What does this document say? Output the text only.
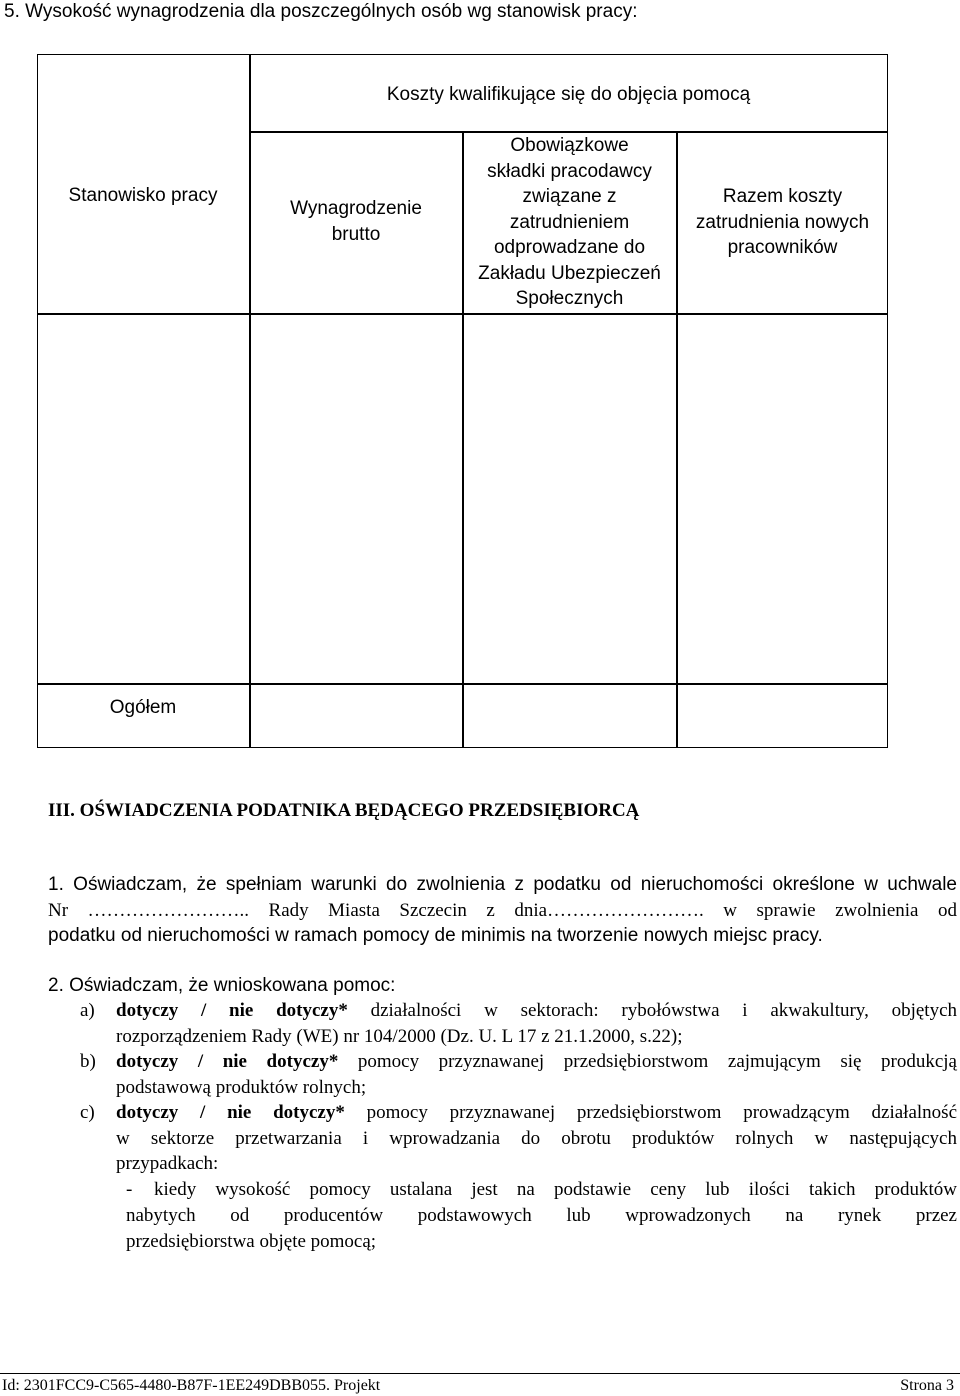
5. Wysokość wynagrodzenia dla poszczególnych osób wg stanowisk pracy:
Stanowisko pracy
Koszty kwalifikujące się do objęcia pomocą
Wynagrodzenie
brutto
Obowiązkowe
składki pracodawcy
związane z
zatrudnieniem
odprowadzane do
Zakładu Ubezpieczeń
Społecznych
Razem koszty
zatrudnienia nowych
pracowników
Ogółem
III. OŚWIADCZENIA PODATNIKA BĘDĄCEGO PRZEDSIĘBIORCĄ
1. Oświadczam, że spełniam warunki do zwolnienia z podatku od nieruchomości określone w uchwale
Nr …………………….. Rady Miasta Szczecin z dnia……………………. w sprawie zwolnienia od
podatku od nieruchomości w ramach pomocy de minimis na tworzenie nowych miejsc pracy.
2. Oświadczam, że wnioskowana pomoc:
a) dotyczy / nie dotyczy* działalności w sektorach: rybołówstwa i akwakultury, objętych
rozporządzeniem Rady (WE) nr 104/2000 (Dz. U. L 17 z 21.1.2000, s.22);
b) dotyczy / nie dotyczy* pomocy przyznawanej przedsiębiorstwom zajmującym się produkcją
podstawową produktów rolnych;
c) dotyczy / nie dotyczy* pomocy przyznawanej przedsiębiorstwom prowadzącym działalność
w sektorze przetwarzania i wprowadzania do obrotu produktów rolnych w następujących
przypadkach:
- kiedy wysokość pomocy ustalana jest na podstawie ceny lub ilości takich produktów
nabytych od producentów podstawowych lub wprowadzonych na rynek przez
przedsiębiorstwa objęte pomocą;
Id: 2301FCC9-C565-4480-B87F-1EE249DBB055. Projekt	Strona 3
